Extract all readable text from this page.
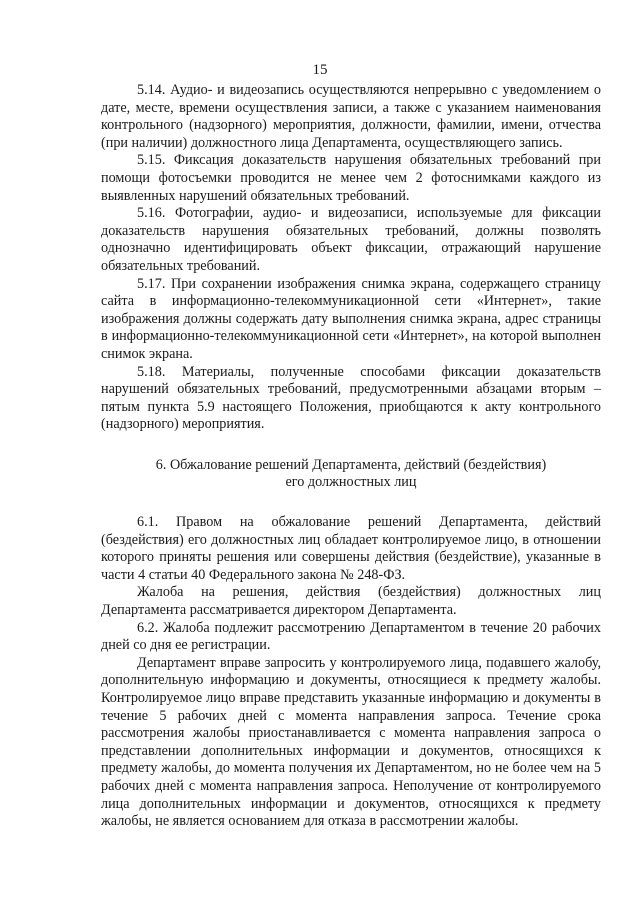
15

5.14. Аудио- и видеозапись осуществляются непрерывно с уведомлением о дате, месте, времени осуществления записи, а также с указанием наименования контрольного (надзорного) мероприятия, должности, фамилии, имени, отчества (при наличии) должностного лица Департамента, осуществляющего запись.

5.15. Фиксация доказательств нарушения обязательных требований при помощи фотосъемки проводится не менее чем 2 фотоснимками каждого из выявленных нарушений обязательных требований.

5.16. Фотографии, аудио- и видеозаписи, используемые для фиксации доказательств нарушения обязательных требований, должны позволять однозначно идентифицировать объект фиксации, отражающий нарушение обязательных требований.

5.17. При сохранении изображения снимка экрана, содержащего страницу сайта в информационно-телекоммуникационной сети «Интернет», такие изображения должны содержать дату выполнения снимка экрана, адрес страницы в информационно-телекоммуникационной сети «Интернет», на которой выполнен снимок экрана.

5.18. Материалы, полученные способами фиксации доказательств нарушений обязательных требований, предусмотренными абзацами вторым – пятым пункта 5.9 настоящего Положения, приобщаются к акту контрольного (надзорного) мероприятия.

6. Обжалование решений Департамента, действий (бездействия)
его должностных лиц

6.1. Правом на обжалование решений Департамента, действий (бездействия) его должностных лиц обладает контролируемое лицо, в отношении которого приняты решения или совершены действия (бездействие), указанные в части 4 статьи 40 Федерального закона № 248-ФЗ.

Жалоба на решения, действия (бездействия) должностных лиц Департамента рассматривается директором Департамента.

6.2. Жалоба подлежит рассмотрению Департаментом в течение 20 рабочих дней со дня ее регистрации.

Департамент вправе запросить у контролируемого лица, подавшего жалобу, дополнительную информацию и документы, относящиеся к предмету жалобы. Контролируемое лицо вправе представить указанные информацию и документы в течение 5 рабочих дней с момента направления запроса. Течение срока рассмотрения жалобы приостанавливается с момента направления запроса о представлении дополнительных информации и документов, относящихся к предмету жалобы, до момента получения их Департаментом, но не более чем на 5 рабочих дней с момента направления запроса. Неполучение от контролируемого лица дополнительных информации и документов, относящихся к предмету жалобы, не является основанием для отказа в рассмотрении жалобы.
